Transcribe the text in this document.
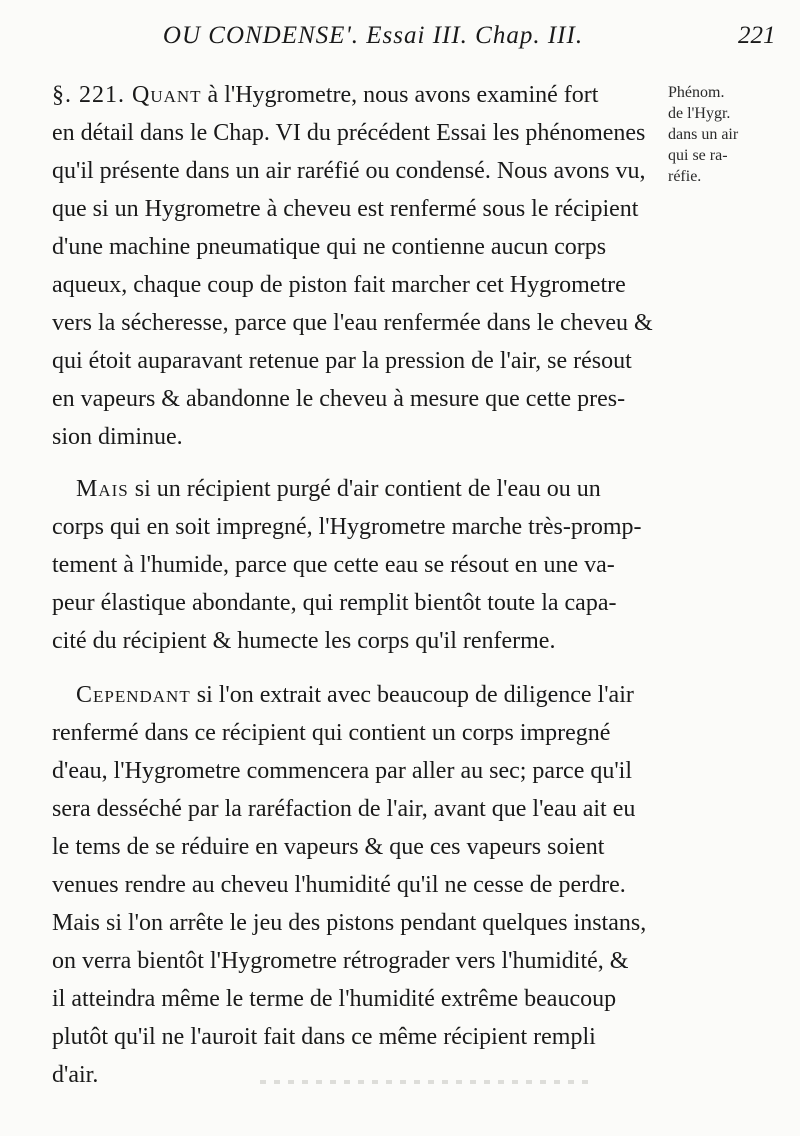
OU CONDENSE'. Essai III. Chap. III.	221

§. 221. Quant à l'Hygrometre, nous avons examiné fort
en détail dans le Chap. VI du précédent Essai les phénomenes
qu'il présente dans un air raréfié ou condensé. Nous avons vu,
que si un Hygrometre à cheveu est renfermé sous le récipient
d'une machine pneumatique qui ne contienne aucun corps
aqueux, chaque coup de piston fait marcher cet Hygrometre
vers la sécheresse, parce que l'eau renfermée dans le cheveu &
qui étoit auparavant retenue par la pression de l'air, se résout
en vapeurs & abandonne le cheveu à mesure que cette pres-
sion diminue.

Mais si un récipient purgé d'air contient de l'eau ou un
corps qui en soit impregné, l'Hygrometre marche très-promp-
tement à l'humide, parce que cette eau se résout en une va-
peur élastique abondante, qui remplit bientôt toute la capa-
cité du récipient & humecte les corps qu'il renferme.

Cependant si l'on extrait avec beaucoup de diligence l'air
renfermé dans ce récipient qui contient un corps impregné
d'eau, l'Hygrometre commencera par aller au sec; parce qu'il
sera desséché par la raréfaction de l'air, avant que l'eau ait eu
le tems de se réduire en vapeurs & que ces vapeurs soient
venues rendre au cheveu l'humidité qu'il ne cesse de perdre.
Mais si l'on arrête le jeu des pistons pendant quelques instans,
on verra bientôt l'Hygrometre rétrograder vers l'humidité, &
il atteindra même le terme de l'humidité extrême beaucoup
plutôt qu'il ne l'auroit fait dans ce même récipient rempli
d'air.

Phénom.
de l'Hygr.
dans un air
qui se ra-
réfie.
